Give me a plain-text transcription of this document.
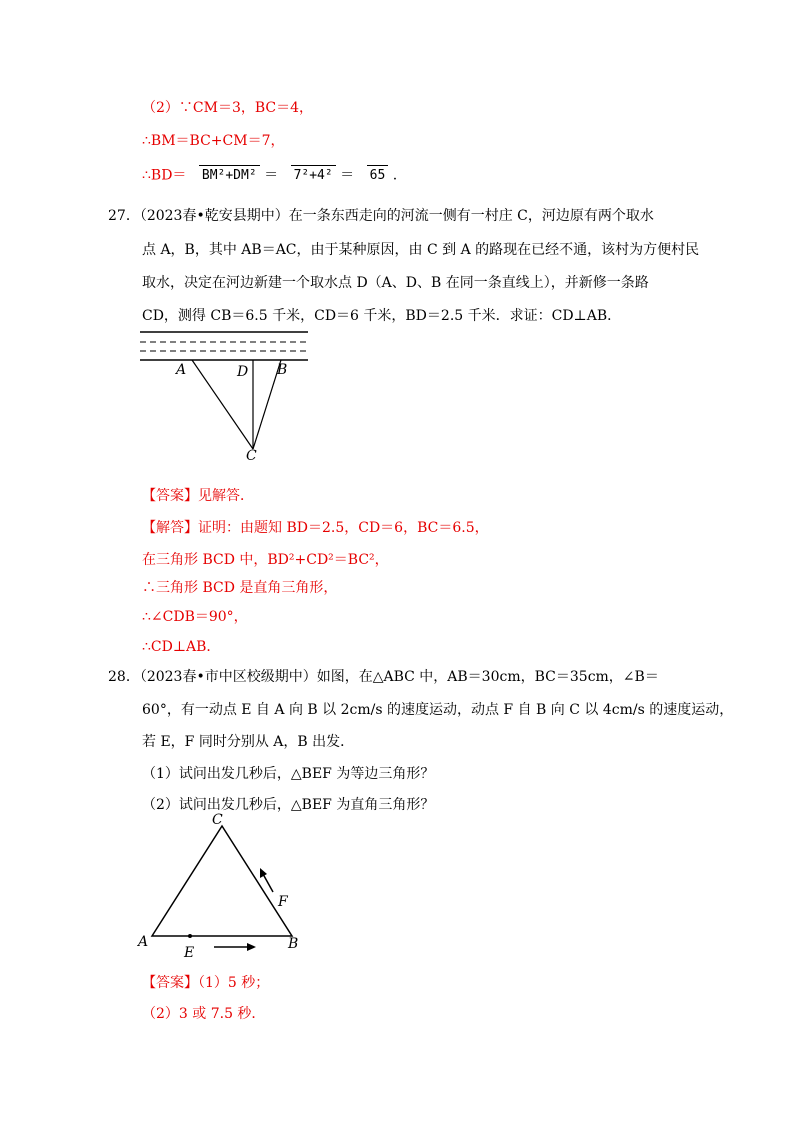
（2）∵CM＝3，BC＝4，
∴BM＝BC+CM＝7，
∴BD＝ BM²+DM² ＝ 7²+4² ＝ 65 .
27．（2023春•乾安县期中）在一条东西走向的河流一侧有一村庄 C，河边原有两个取水
点 A，B，其中 AB＝AC，由于某种原因，由 C 到 A 的路现在已经不通，该村为方便村民
取水，决定在河边新建一个取水点 D（A、D、B 在同一条直线上），并新修一条路
CD，测得 CB＝6.5 千米，CD＝6 千米，BD＝2.5 千米．求证：CD⊥AB．
A	D B
C
【答案】见解答．
【解答】证明：由题知 BD＝2.5，CD＝6，BC＝6.5，
在三角形 BCD 中，BD²+CD²＝BC²，
∴三角形 BCD 是直角三角形，
∴∠CDB＝90°，
∴CD⊥AB．
28．（2023春•市中区校级期中）如图，在△ABC 中，AB＝30cm，BC＝35cm，∠B＝
60°，有一动点 E 自 A 向 B 以 2cm/s 的速度运动，动点 F 自 B 向 C 以 4cm/s 的速度运动，
若 E，F 同时分别从 A，B 出发．
（1）试问出发几秒后，△BEF 为等边三角形？
（2）试问出发几秒后，△BEF 为直角三角形？
C
F
A
E
B
【答案】（1）5 秒；
（2）3 或 7.5 秒．
